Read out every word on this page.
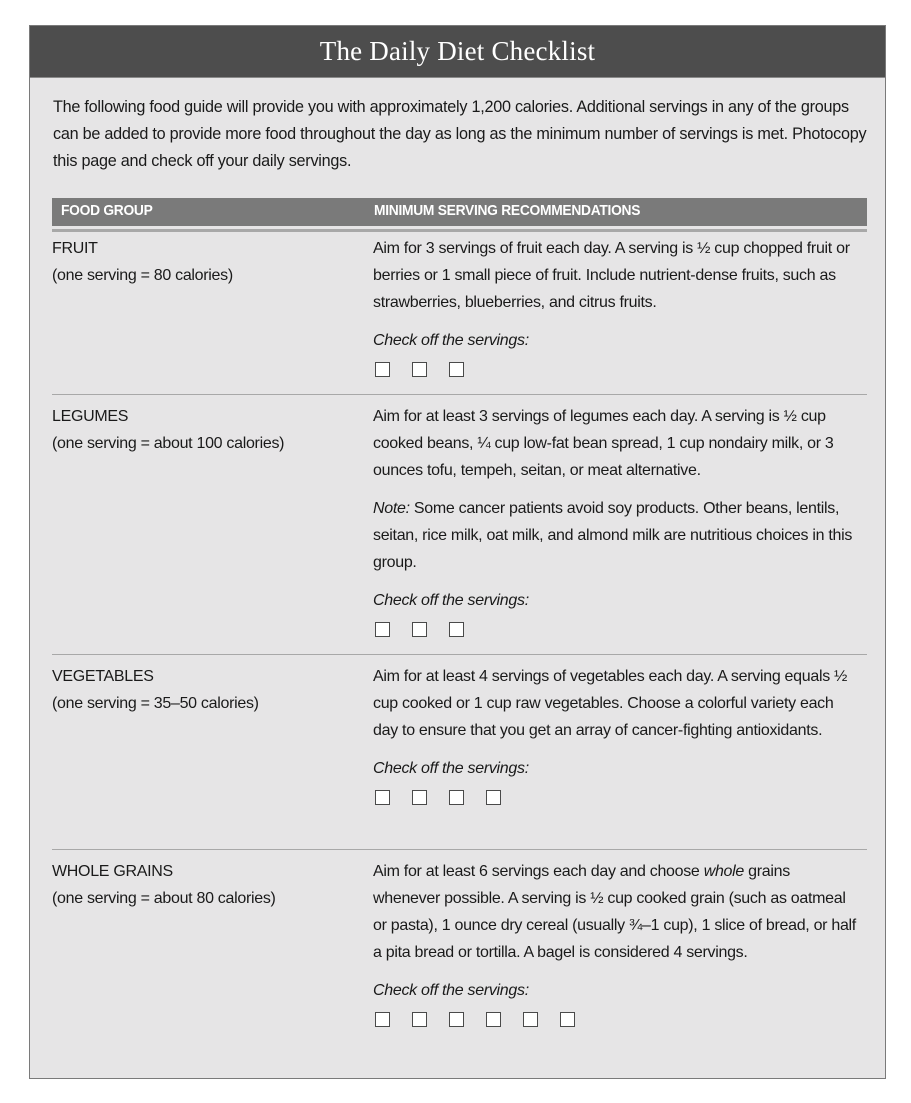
The Daily Diet Checklist
The following food guide will provide you with approximately 1,200 calories. Additional servings in any of the groups can be added to provide more food throughout the day as long as the minimum number of servings is met. Photocopy this page and check off your daily servings.
FOOD GROUP	MINIMUM SERVING RECOMMENDATIONS
FRUIT
(one serving = 80 calories)

Aim for 3 servings of fruit each day. A serving is ½ cup chopped fruit or berries or 1 small piece of fruit. Include nutrient-dense fruits, such as strawberries, blueberries, and citrus fruits.

Check off the servings:

LEGUMES
(one serving = about 100 calories)

Aim for at least 3 servings of legumes each day. A serving is ½ cup cooked beans, ¼ cup low-fat bean spread, 1 cup nondairy milk, or 3 ounces tofu, tempeh, seitan, or meat alternative.

Note: Some cancer patients avoid soy products. Other beans, lentils, seitan, rice milk, oat milk, and almond milk are nutritious choices in this group.

Check off the servings:

VEGETABLES
(one serving = 35–50 calories)

Aim for at least 4 servings of vegetables each day. A serving equals ½ cup cooked or 1 cup raw vegetables. Choose a colorful variety each day to ensure that you get an array of cancer-fighting antioxidants.

Check off the servings:

WHOLE GRAINS
(one serving = about 80 calories)

Aim for at least 6 servings each day and choose whole grains whenever possible. A serving is ½ cup cooked grain (such as oatmeal or pasta), 1 ounce dry cereal (usually ¾–1 cup), 1 slice of bread, or half a pita bread or tortilla. A bagel is considered 4 servings.

Check off the servings:
